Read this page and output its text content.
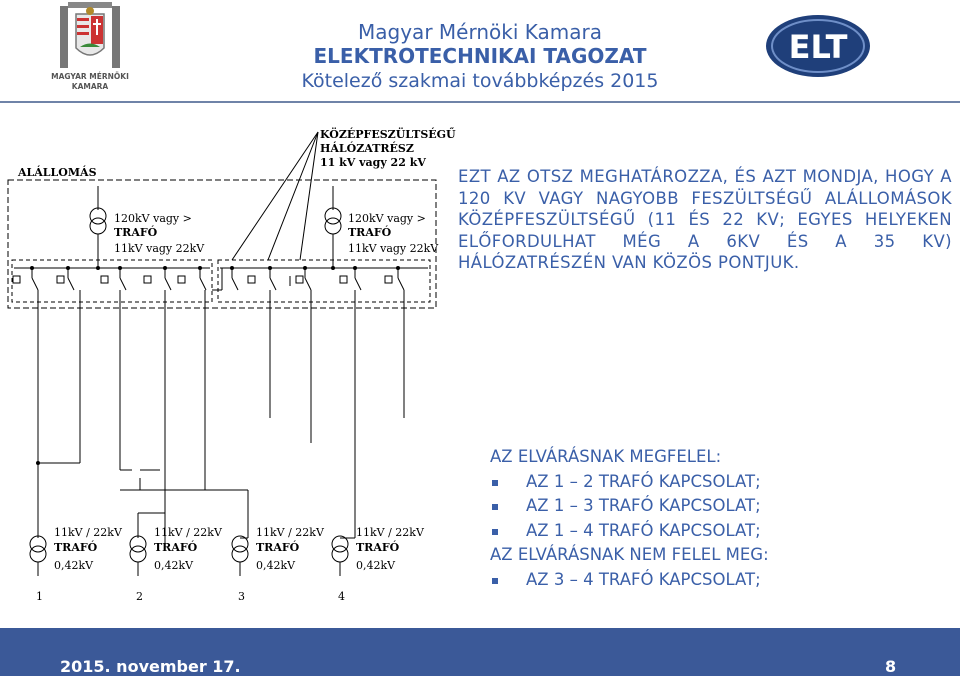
MAGYAR MÉRNÖKI
KAMARA
Magyar Mérnöki Kamara
ELEKTROTECHNIKAI TAGOZAT
Kötelező szakmai továbbképzés 2015
ELT
ALÁLLOMÁS
KÖZÉPFESZÜLTSÉGŰ
HÁLÓZATRÉSZ
11 kV vagy 22 kV
120kV vagy >
TRAFÓ
11kV vagy 22kV
120kV vagy >
TRAFÓ
11kV vagy 22kV
11kV / 22kV
TRAFÓ
0,42kV
11kV / 22kV
TRAFÓ
0,42kV
11kV / 22kV
TRAFÓ
0,42kV
11kV / 22kV
TRAFÓ
0,42kV
1	2	3	4
EZT AZ OTSZ MEGHATÁROZZA, ÉS AZT MONDJA, HOGY A 120 KV VAGY NAGYOBB FESZÜLTSÉGŰ ALÁLLOMÁSOK KÖZÉPFESZÜLTSÉGŰ (11 ÉS 22 KV; EGYES HELYEKEN ELŐFORDULHAT MÉG A 6KV ÉS A 35 KV) HÁLÓZATRÉSZÉN VAN KÖZÖS PONTJUK.
AZ ELVÁRÁSNAK MEGFELEL:
AZ 1 – 2 TRAFÓ KAPCSOLAT;
AZ 1 – 3 TRAFÓ KAPCSOLAT;
AZ 1 – 4 TRAFÓ KAPCSOLAT;
AZ ELVÁRÁSNAK NEM FELEL MEG:
AZ 3 – 4 TRAFÓ KAPCSOLAT;
2015. november 17.	8
